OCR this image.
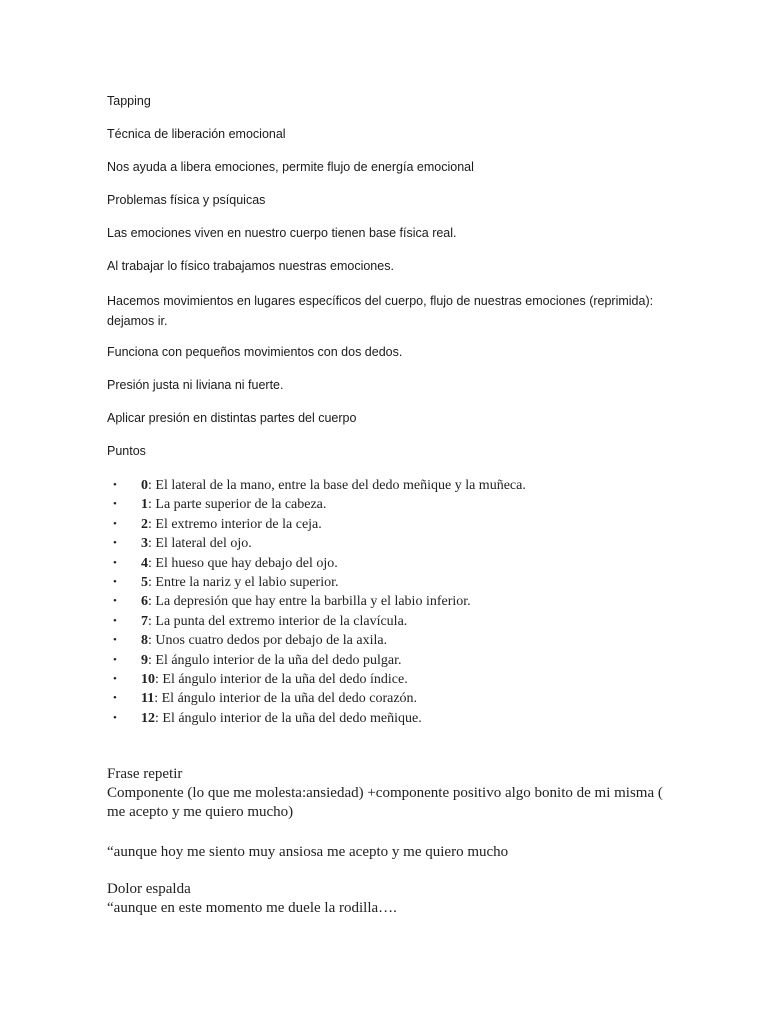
Tapping

Técnica de liberación emocional

Nos ayuda a libera emociones, permite flujo de energía emocional

Problemas física y psíquicas

Las emociones viven en nuestro cuerpo tienen base física real.

Al trabajar lo físico trabajamos nuestras emociones.

Hacemos movimientos en lugares específicos del cuerpo, flujo de nuestras emociones (reprimida): dejamos ir.

Funciona con pequeños movimientos con dos dedos.

Presión justa ni liviana ni fuerte.

Aplicar presión en distintas partes del cuerpo

Puntos

• 0: El lateral de la mano, entre la base del dedo meñique y la muñeca.
• 1: La parte superior de la cabeza.
• 2: El extremo interior de la ceja.
• 3: El lateral del ojo.
• 4: El hueso que hay debajo del ojo.
• 5: Entre la nariz y el labio superior.
• 6: La depresión que hay entre la barbilla y el labio inferior.
• 7: La punta del extremo interior de la clavícula.
• 8: Unos cuatro dedos por debajo de la axila.
• 9: El ángulo interior de la uña del dedo pulgar.
• 10: El ángulo interior de la uña del dedo índice.
• 11: El ángulo interior de la uña del dedo corazón.
• 12: El ángulo interior de la uña del dedo meñique.
Frase repetir
Componente (lo que me molesta:ansiedad) +componente positivo algo bonito de mi misma ( me acepto y me quiero mucho)
“aunque hoy me siento muy ansiosa me acepto y me quiero mucho
Dolor espalda
“aunque en este momento me duele la rodilla….
